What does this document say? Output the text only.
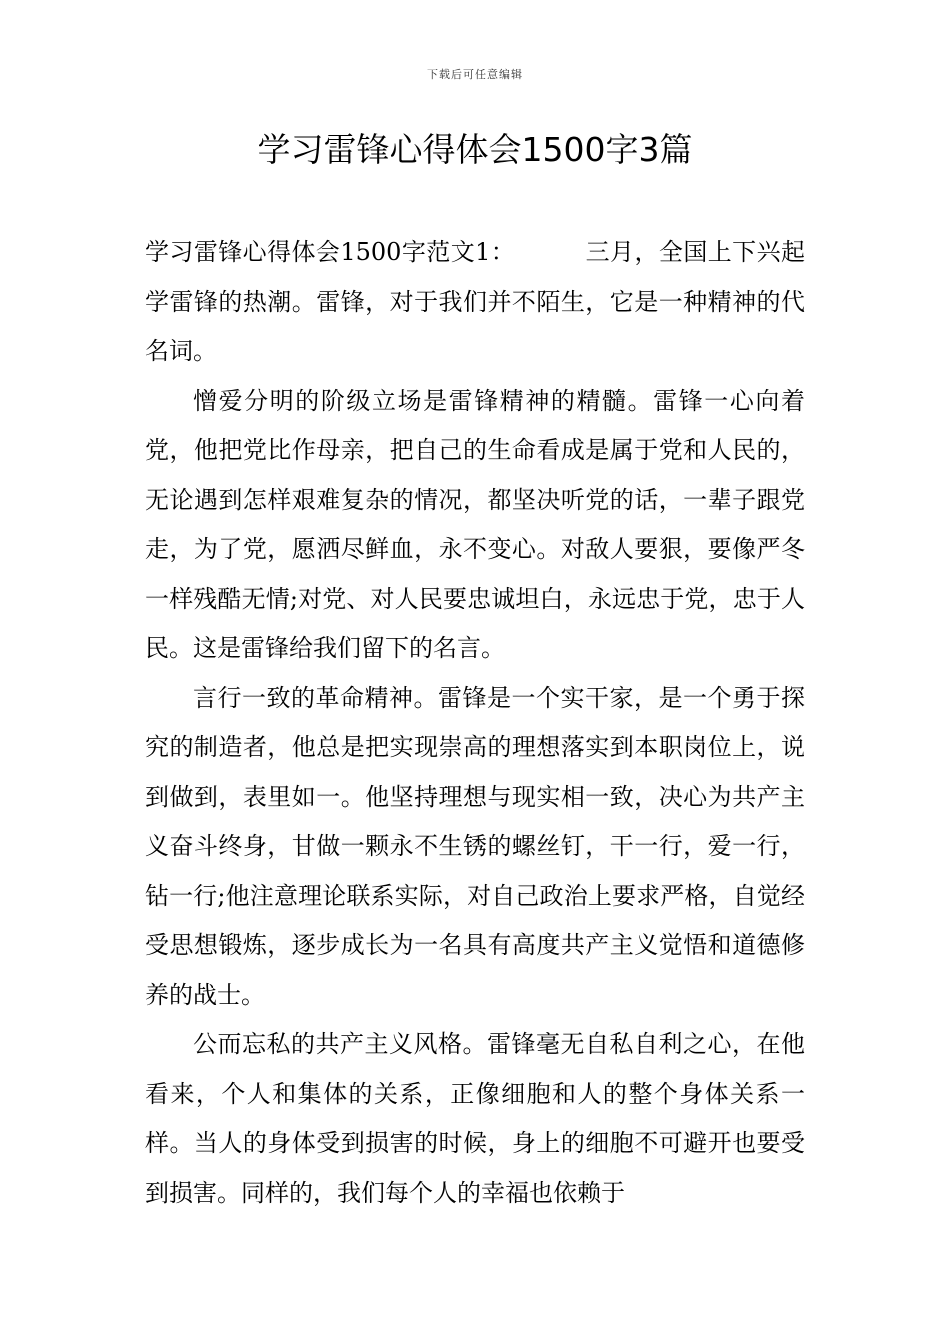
下载后可任意编辑
学习雷锋心得体会1500字3篇

学习雷锋心得体会1500字范文1：	三月，全国上下兴起学雷锋的热潮。雷锋，对于我们并不陌生，它是一种精神的代名词。

憎爱分明的阶级立场是雷锋精神的精髓。雷锋一心向着党，他把党比作母亲，把自己的生命看成是属于党和人民的，无论遇到怎样艰难复杂的情况，都坚决听党的话，一辈子跟党走，为了党，愿洒尽鲜血，永不变心。对敌人要狠，要像严冬一样残酷无情;对党、对人民要忠诚坦白，永远忠于党，忠于人民。这是雷锋给我们留下的名言。

言行一致的革命精神。雷锋是一个实干家，是一个勇于探究的制造者，他总是把实现崇高的理想落实到本职岗位上，说到做到，表里如一。他坚持理想与现实相一致，决心为共产主义奋斗终身，甘做一颗永不生锈的螺丝钉，干一行，爱一行，钻一行;他注意理论联系实际，对自己政治上要求严格，自觉经受思想锻炼，逐步成长为一名具有高度共产主义觉悟和道德修养的战士。

公而忘私的共产主义风格。雷锋毫无自私自利之心，在他看来，个人和集体的关系，正像细胞和人的整个身体关系一样。当人的身体受到损害的时候，身上的细胞不可避开也要受到损害。同样的，我们每个人的幸福也依赖于
